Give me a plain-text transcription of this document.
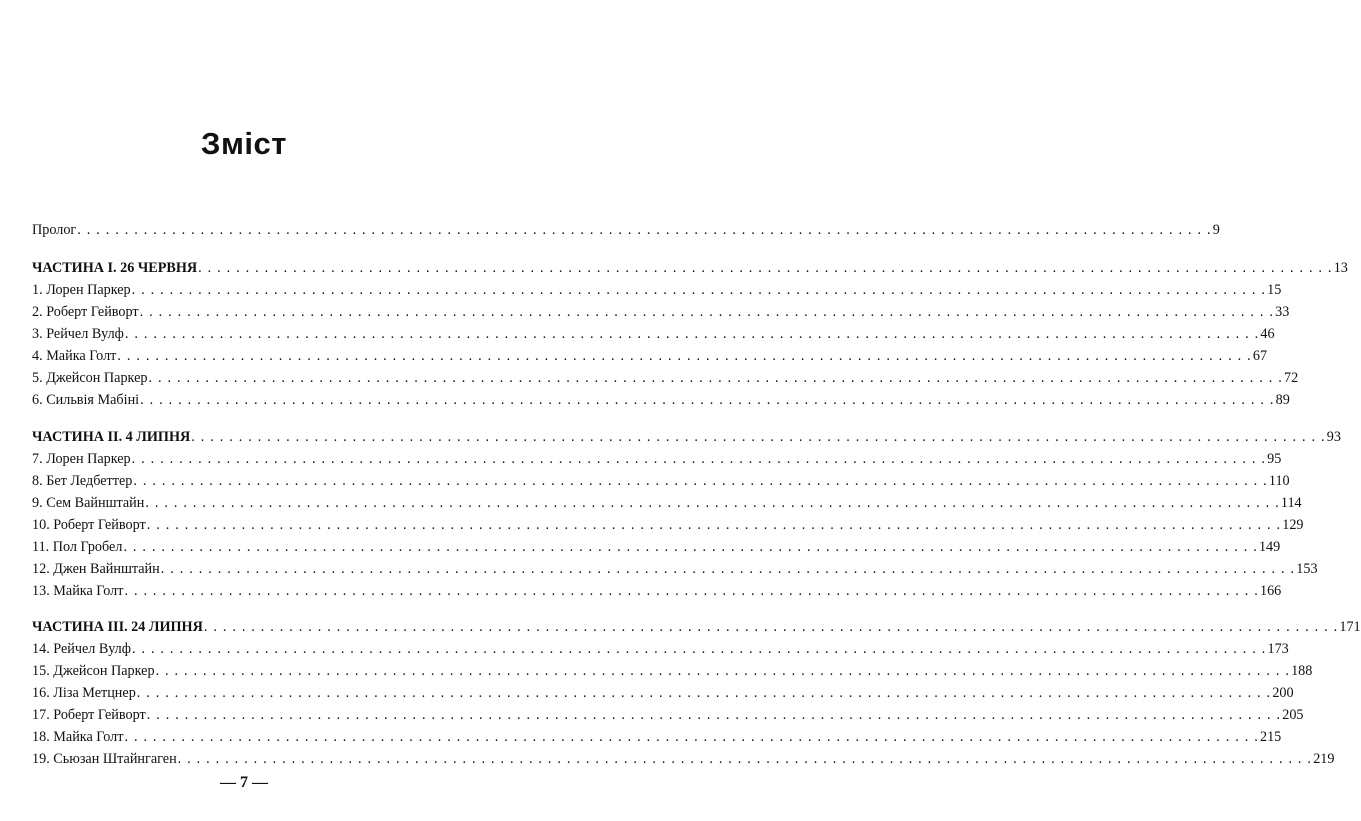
Зміст
Пролог . . . . . . . . . . . . . . . . . . . . . . . . . . . . . . . . . . . . . . . . . . . . . . . . . . . . . . . . . . . . . . . . . . . . . . . . . . . . . . . . . . . . . . . . . . . . . . . . . . . . . . . . . . . . . . . . . . . . . . . . 9
ЧАСТИНА І. 26 ЧЕРВНЯ . . . . . . . . . . . . . . . . . . . . . . . . . . . . . . . . . . . . . . . . . . . . . . . . . . . . . . . . . . . . . . . . . . . . . . . . . . . . . . . . . . . . . . . . . . . . . . . . . . . . . . . . . . . . . . . . . . . . . . . . 13
1. Лорен Паркер . . . . . . . . . . . . . . . . . . . . . . . . . . . . . . . . . . . . . . . . . . . . . . . . . . . . . . . . . . . . . . . . . . . . . . . . . . . . . . . . . . . . . . . . . . . . . . . . . . . . . . . . . . . . . . . . . . . . . . . . 15
2. Роберт Гейворт . . . . . . . . . . . . . . . . . . . . . . . . . . . . . . . . . . . . . . . . . . . . . . . . . . . . . . . . . . . . . . . . . . . . . . . . . . . . . . . . . . . . . . . . . . . . . . . . . . . . . . . . . . . . . . . . . . . . . . . . 33
3. Рейчел Вулф . . . . . . . . . . . . . . . . . . . . . . . . . . . . . . . . . . . . . . . . . . . . . . . . . . . . . . . . . . . . . . . . . . . . . . . . . . . . . . . . . . . . . . . . . . . . . . . . . . . . . . . . . . . . . . . . . . . . . . . . 46
4. Майка Голт . . . . . . . . . . . . . . . . . . . . . . . . . . . . . . . . . . . . . . . . . . . . . . . . . . . . . . . . . . . . . . . . . . . . . . . . . . . . . . . . . . . . . . . . . . . . . . . . . . . . . . . . . . . . . . . . . . . . . . . . 67
5. Джейсон Паркер . . . . . . . . . . . . . . . . . . . . . . . . . . . . . . . . . . . . . . . . . . . . . . . . . . . . . . . . . . . . . . . . . . . . . . . . . . . . . . . . . . . . . . . . . . . . . . . . . . . . . . . . . . . . . . . . . . . . . . . . 72
6. Сильвія Мабіні . . . . . . . . . . . . . . . . . . . . . . . . . . . . . . . . . . . . . . . . . . . . . . . . . . . . . . . . . . . . . . . . . . . . . . . . . . . . . . . . . . . . . . . . . . . . . . . . . . . . . . . . . . . . . . . . . . . . . . . . 89
ЧАСТИНА ІІ. 4 ЛИПНЯ . . . . . . . . . . . . . . . . . . . . . . . . . . . . . . . . . . . . . . . . . . . . . . . . . . . . . . . . . . . . . . . . . . . . . . . . . . . . . . . . . . . . . . . . . . . . . . . . . . . . . . . . . . . . . . . . . . . . . . . . 93
7. Лорен Паркер . . . . . . . . . . . . . . . . . . . . . . . . . . . . . . . . . . . . . . . . . . . . . . . . . . . . . . . . . . . . . . . . . . . . . . . . . . . . . . . . . . . . . . . . . . . . . . . . . . . . . . . . . . . . . . . . . . . . . . . . 95
8. Бет Ледбеттер . . . . . . . . . . . . . . . . . . . . . . . . . . . . . . . . . . . . . . . . . . . . . . . . . . . . . . . . . . . . . . . . . . . . . . . . . . . . . . . . . . . . . . . . . . . . . . . . . . . . . . . . . . . . . . . . . . . . . . . . 110
9. Сем Вайнштайн . . . . . . . . . . . . . . . . . . . . . . . . . . . . . . . . . . . . . . . . . . . . . . . . . . . . . . . . . . . . . . . . . . . . . . . . . . . . . . . . . . . . . . . . . . . . . . . . . . . . . . . . . . . . . . . . . . . . . . . . 114
10. Роберт Гейворт . . . . . . . . . . . . . . . . . . . . . . . . . . . . . . . . . . . . . . . . . . . . . . . . . . . . . . . . . . . . . . . . . . . . . . . . . . . . . . . . . . . . . . . . . . . . . . . . . . . . . . . . . . . . . . . . . . . . . . . . 129
11. Пол Гробел . . . . . . . . . . . . . . . . . . . . . . . . . . . . . . . . . . . . . . . . . . . . . . . . . . . . . . . . . . . . . . . . . . . . . . . . . . . . . . . . . . . . . . . . . . . . . . . . . . . . . . . . . . . . . . . . . . . . . . . . 149
12. Джен Вайнштайн . . . . . . . . . . . . . . . . . . . . . . . . . . . . . . . . . . . . . . . . . . . . . . . . . . . . . . . . . . . . . . . . . . . . . . . . . . . . . . . . . . . . . . . . . . . . . . . . . . . . . . . . . . . . . . . . . . . . . . . . 153
13. Майка Голт . . . . . . . . . . . . . . . . . . . . . . . . . . . . . . . . . . . . . . . . . . . . . . . . . . . . . . . . . . . . . . . . . . . . . . . . . . . . . . . . . . . . . . . . . . . . . . . . . . . . . . . . . . . . . . . . . . . . . . . . 166
ЧАСТИНА ІІІ. 24 ЛИПНЯ . . . . . . . . . . . . . . . . . . . . . . . . . . . . . . . . . . . . . . . . . . . . . . . . . . . . . . . . . . . . . . . . . . . . . . . . . . . . . . . . . . . . . . . . . . . . . . . . . . . . . . . . . . . . . . . . . . . . . . . . 171
14. Рейчел Вулф . . . . . . . . . . . . . . . . . . . . . . . . . . . . . . . . . . . . . . . . . . . . . . . . . . . . . . . . . . . . . . . . . . . . . . . . . . . . . . . . . . . . . . . . . . . . . . . . . . . . . . . . . . . . . . . . . . . . . . . . 173
15. Джейсон Паркер . . . . . . . . . . . . . . . . . . . . . . . . . . . . . . . . . . . . . . . . . . . . . . . . . . . . . . . . . . . . . . . . . . . . . . . . . . . . . . . . . . . . . . . . . . . . . . . . . . . . . . . . . . . . . . . . . . . . . . . . 188
16. Ліза Метцнер . . . . . . . . . . . . . . . . . . . . . . . . . . . . . . . . . . . . . . . . . . . . . . . . . . . . . . . . . . . . . . . . . . . . . . . . . . . . . . . . . . . . . . . . . . . . . . . . . . . . . . . . . . . . . . . . . . . . . . . . 200
17. Роберт Гейворт . . . . . . . . . . . . . . . . . . . . . . . . . . . . . . . . . . . . . . . . . . . . . . . . . . . . . . . . . . . . . . . . . . . . . . . . . . . . . . . . . . . . . . . . . . . . . . . . . . . . . . . . . . . . . . . . . . . . . . . . 205
18. Майка Голт . . . . . . . . . . . . . . . . . . . . . . . . . . . . . . . . . . . . . . . . . . . . . . . . . . . . . . . . . . . . . . . . . . . . . . . . . . . . . . . . . . . . . . . . . . . . . . . . . . . . . . . . . . . . . . . . . . . . . . . . 215
19. Сьюзан Штайнгаген . . . . . . . . . . . . . . . . . . . . . . . . . . . . . . . . . . . . . . . . . . . . . . . . . . . . . . . . . . . . . . . . . . . . . . . . . . . . . . . . . . . . . . . . . . . . . . . . . . . . . . . . . . . . . . . . . . . . . . . . 219
— 7 —
